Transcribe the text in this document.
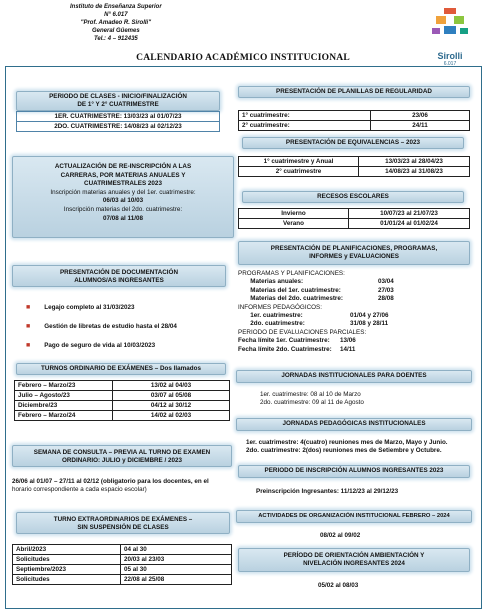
Instituto de Enseñanza Superior
N° 6.017
"Prof. Amadeo R. Sirolli"
General Güemes
Tel.: 4 – 912435
Sirolli
6.017
CALENDARIO ACADÉMICO INSTITUCIONAL
PERIODO DE CLASES - INICIO/FINALIZACIÓN
DE 1° Y 2° CUATRIMESTRE
1ER. CUATRIMESTRE: 13/03/23 al 01/07/23
2DO. CUATRIMESTRE: 14/08/23 al 02/12/23
ACTUALIZACIÓN DE RE-INSCRIPCIÓN A LAS
CARRERAS, POR MATERIAS ANUALES Y
CUATRIMESTRALES 2023
Inscripción materias anuales y del 1er. cuatrimestre:
06/03 al 10/03
Inscripción materias del 2do. cuatrimestre:
07/08 al 11/08
PRESENTACIÓN DE DOCUMENTACIÓN
ALUMNOS/AS INGRESANTES
■ Legajo completo al 31/03/2023
■ Gestión de libretas de estudio hasta el 28/04
■ Pago de seguro de vida al 10/03/2023
TURNOS ORDINARIO DE EXÁMENES – Dos llamados
Febrero – Marzo/23	13/02 al 04/03
Julio – Agosto/23	03/07 al 05/08
Diciembre/23	04/12 al 30/12
Febrero – Marzo/24	14/02 al 02/03
SEMANA DE CONSULTA – PREVIA AL TURNO DE EXAMEN
ORDINARIO: JULIO y DICIEMBRE / 2023
26/06 al 01/07 – 27/11 al 02/12 (obligatorio para los docentes, en el
horario correspondiente a cada espacio escolar)
TURNO EXTRAORDINARIOS DE EXÁMENES –
SIN SUSPENSIÓN DE CLASES
Abril/2023	04 al 30
Solicitudes	20/03 al 23/03
Septiembre/2023	05 al 30
Solicitudes	22/08 al 25/08
PRESENTACIÓN DE PLANILLAS DE REGULARIDAD
1° cuatrimestre:	23/06
2° cuatrimestre:	24/11
PRESENTACIÓN DE EQUIVALENCIAS – 2023
1° cuatrimestre y Anual	13/03/23 al 28/04/23
2° cuatrimestre	14/08/23 al 31/08/23
RECESOS ESCOLARES
Invierno	10/07/23 al 21/07/23
Verano	01/01/24 al 01/02/24
PRESENTACIÓN DE PLANIFICACIONES, PROGRAMAS,
INFORMES y EVALUACIONES
PROGRAMAS Y PLANIFICACIONES:
Materias anuales:	03/04
Materias del 1er. cuatrimestre:	27/03
Materias del 2do. cuatrimestre:	28/08
INFORMES PEDAGÓGICOS:
1er. cuatrimestre:	01/04 y 27/06
2do. cuatrimestre:	31/08 y 28/11
PERIODO DE EVALUACIONES PARCIALES:
Fecha límite 1er. Cuatrimestre: 13/06
Fecha límite 2do. Cuatrimestre: 14/11
JORNADAS INSTITUCIONALES PARA DOENTES
1er. cuatrimestre: 08 al 10 de Marzo
2do. cuatrimestre: 09 al 11 de Agosto
JORNADAS PEDAGÓGICAS INSTITUCIONALES
1er. cuatrimestre: 4(cuatro) reuniones mes de Marzo, Mayo y Junio.
2do. cuatrimestre: 2(dos) reuniones mes de Setiembre y Octubre.
PERIODO DE INSCRIPCIÓN ALUMNOS INGRESANTES 2023
Preinscripción Ingresantes: 11/12/23 al 29/12/23
ACTIVIDADES DE ORGANIZACIÓN INSTITUCIONAL FEBRERO – 2024
08/02 al 09/02
PERÍODO DE ORIENTACIÓN AMBIENTACIÓN Y
NIVELACIÓN INGRESANTES 2024
05/02 al 08/03
